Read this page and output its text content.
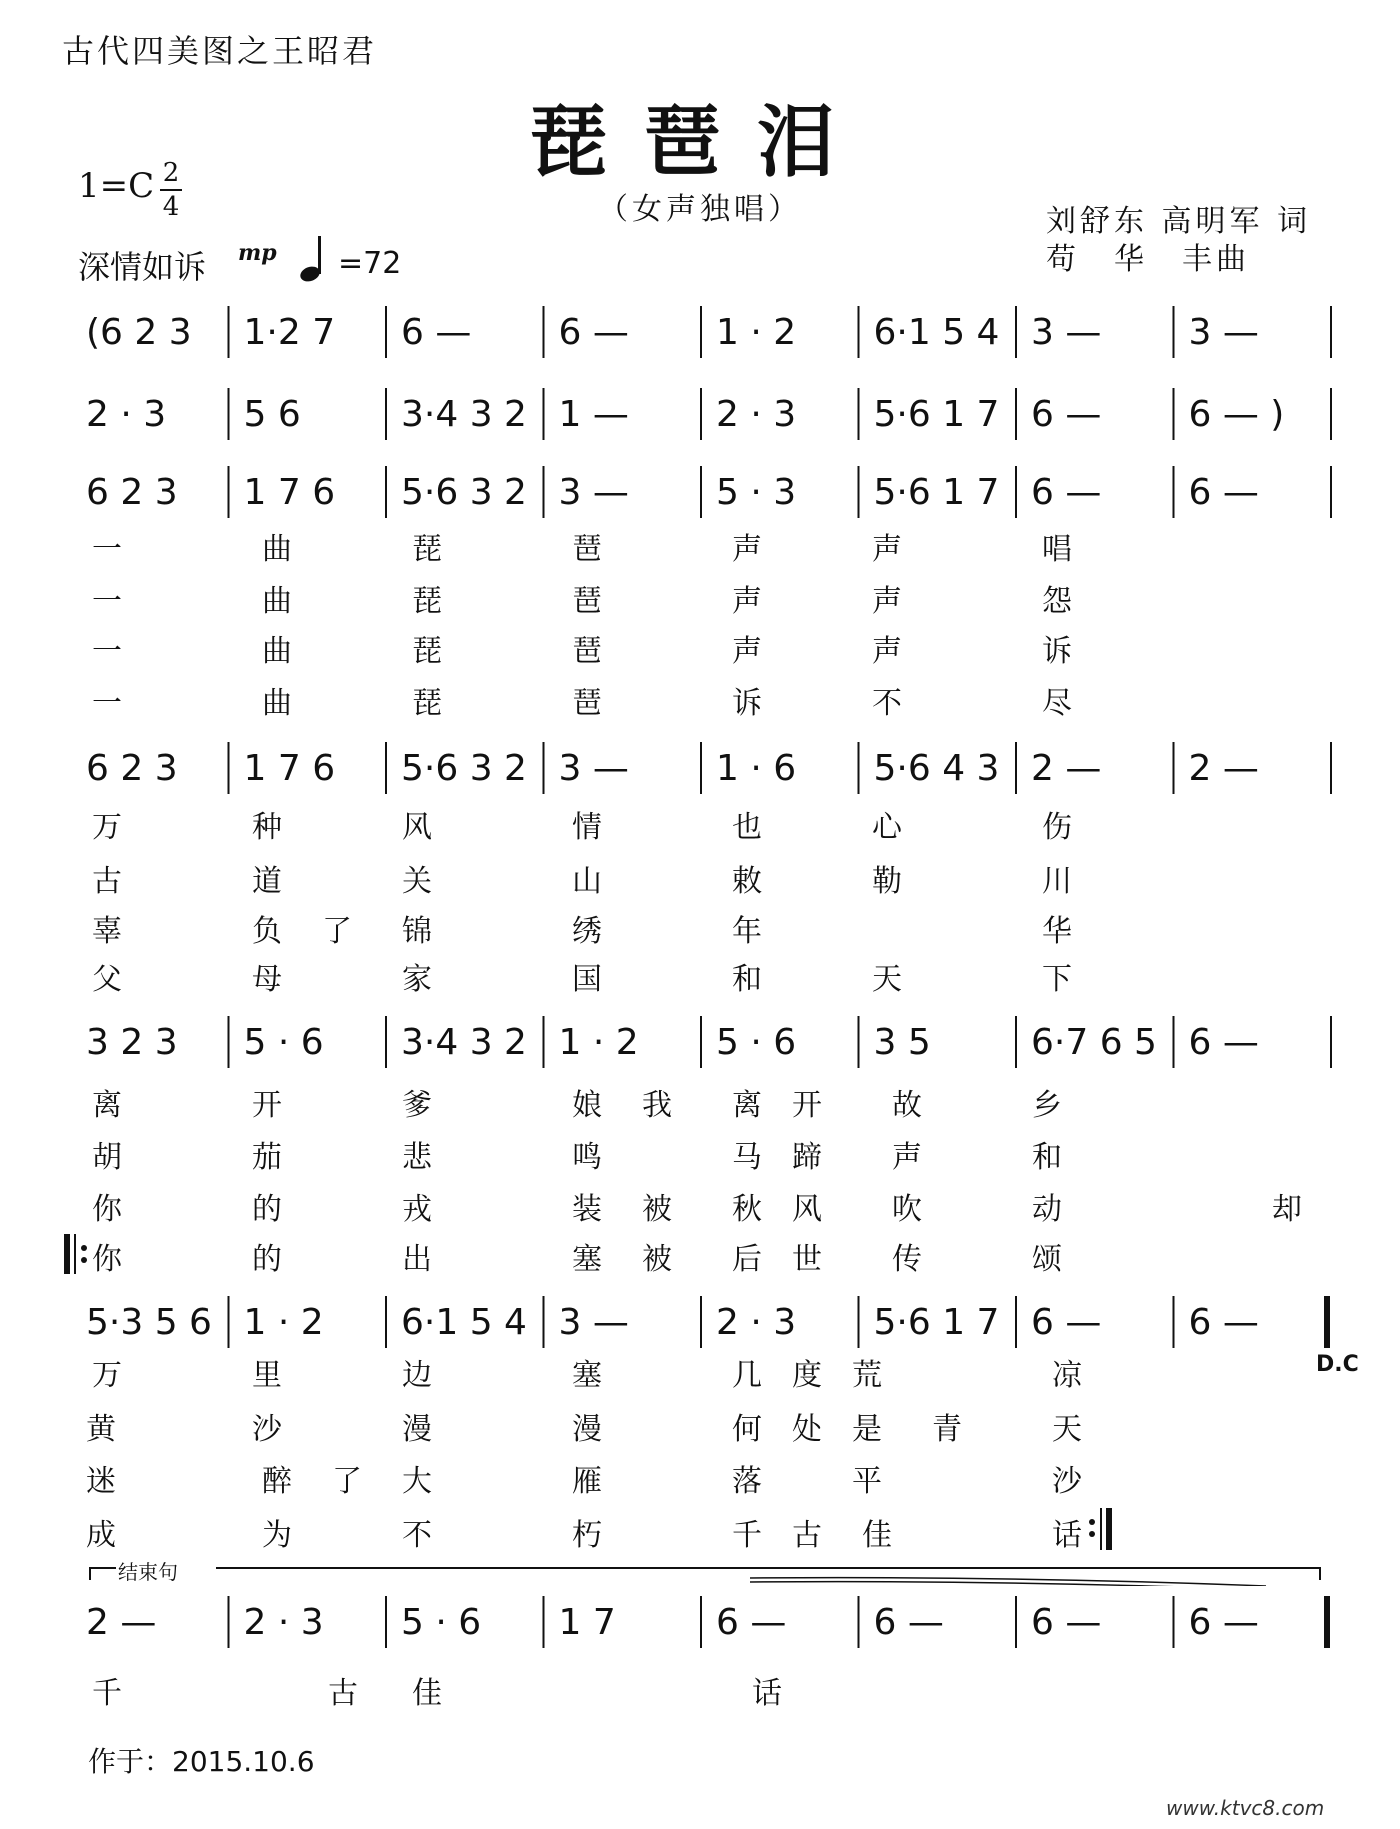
古代四美图之王昭君
琵琶泪
1=C 2
4	（女声独唱）	刘舒东 高明军 词
苟　华　丰曲
深情如诉 mp =72
(6 2 3 1·2 7 6 — 6 — 1 · 2 6·1 5 4 3 — 3 —
2 · 3 5 6	3·4 3 2 1 — 2 · 3 5·6 1 7 6 — 6 — )
6 2 3 1 7 6 5·6 3 2 3 — 5 · 3 5·6 1 7 6 — 6 —
6 2 3 1 7 6 5·6 3 2 3 — 1 · 6 5·6 4 3 2 — 2 —
3 2 3 5 · 6 3·4 3 2 1 · 2 5 · 6 3 5	6·7 6 5 6 —
5·3 5 6 1 · 2 6·1 5 4 3 — 2 · 3 5·6 1 7 6 — 6 —
2 — 2 · 3 5 · 6 1 7	6 — 6 — 6 — 6 —
一	曲	琵	琶	声	声	唱
一	曲	琵	琶	声	声	怨
一	曲	琵	琶	声	声	诉
一	曲	琵	琶	诉	不	尽
万	种	风	情	也	心	伤
古	道	关	山	敕	勒	川
辜	负 了 锦	绣	年	华
父	母	家	国	和	天	下
离	开	爹	娘 我 离 开 故	乡
胡	茄	悲	鸣	马 蹄 声	和
你	的	戎	装 被 秋 风 吹	动	却
你	的	出	塞 被 后 世 传	颂
万	里	边	塞	几 度 荒	凉
黄	沙	漫	漫	何 处 是 青	天
迷	醉 了 大	雁	落	平	沙
成	为	不	朽	千 古 佳	话
千	古 佳	话
D.C
结束句
作于：2015.10.6
www.ktvc8.com
